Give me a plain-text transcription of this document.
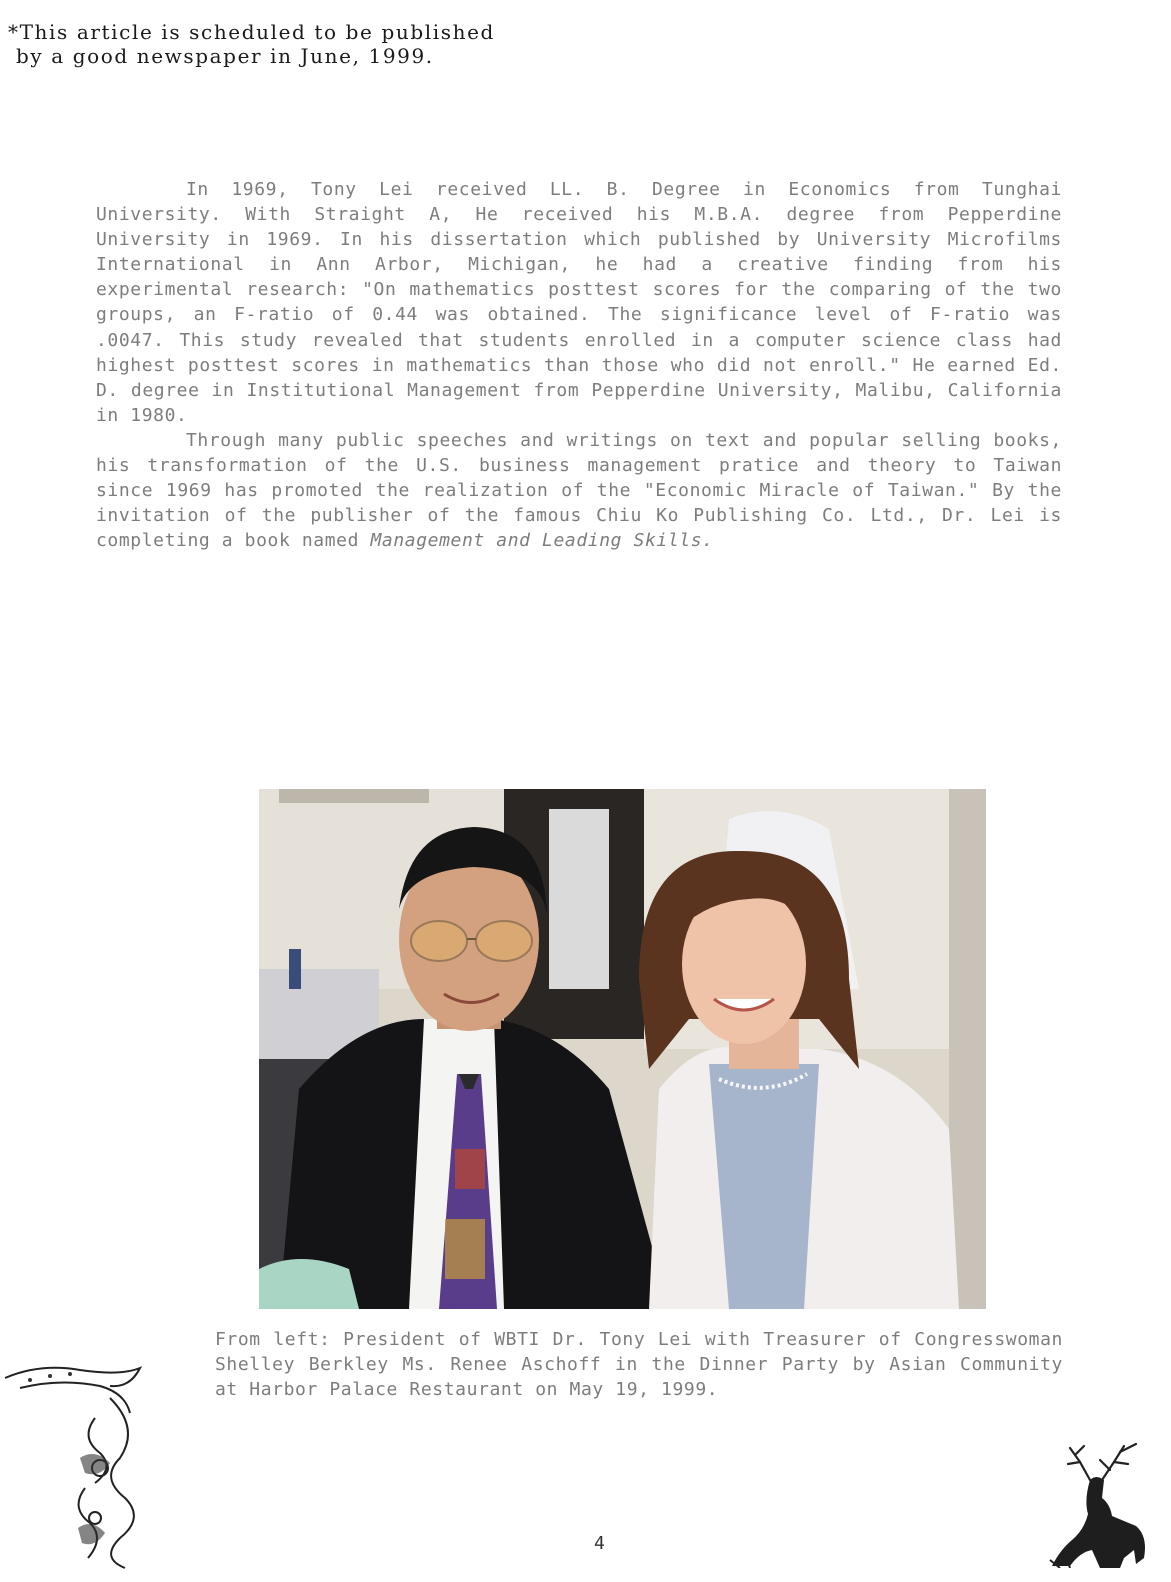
*This article is scheduled to be published
by a good newspaper in June, 1999.

In 1969, Tony Lei received LL. B. Degree in Economics from Tunghai University. With Straight A, He received his M.B.A. degree from Pepperdine University in 1969. In his dissertation which published by University Microfilms International in Ann Arbor, Michigan, he had a creative finding from his experimental research: "On mathematics posttest scores for the comparing of the two groups, an F-ratio of 0.44 was obtained. The significance level of F-ratio was .0047. This study revealed that students enrolled in a computer science class had highest posttest scores in mathematics than those who did not enroll." He earned Ed. D. degree in Institutional Management from Pepperdine University, Malibu, California in 1980.

Through many public speeches and writings on text and popular selling books, his transformation of the U.S. business management pratice and theory to Taiwan since 1969 has promoted the realization of the "Economic Miracle of Taiwan." By the invitation of the publisher of the famous Chiu Ko Publishing Co. Ltd., Dr. Lei is completing a book named Management and Leading Skills.

From left: President of WBTI Dr. Tony Lei with Treasurer of Congresswoman Shelley Berkley Ms. Renee Aschoff in the Dinner Party by Asian Community at Harbor Palace Restaurant on May 19, 1999.
4
